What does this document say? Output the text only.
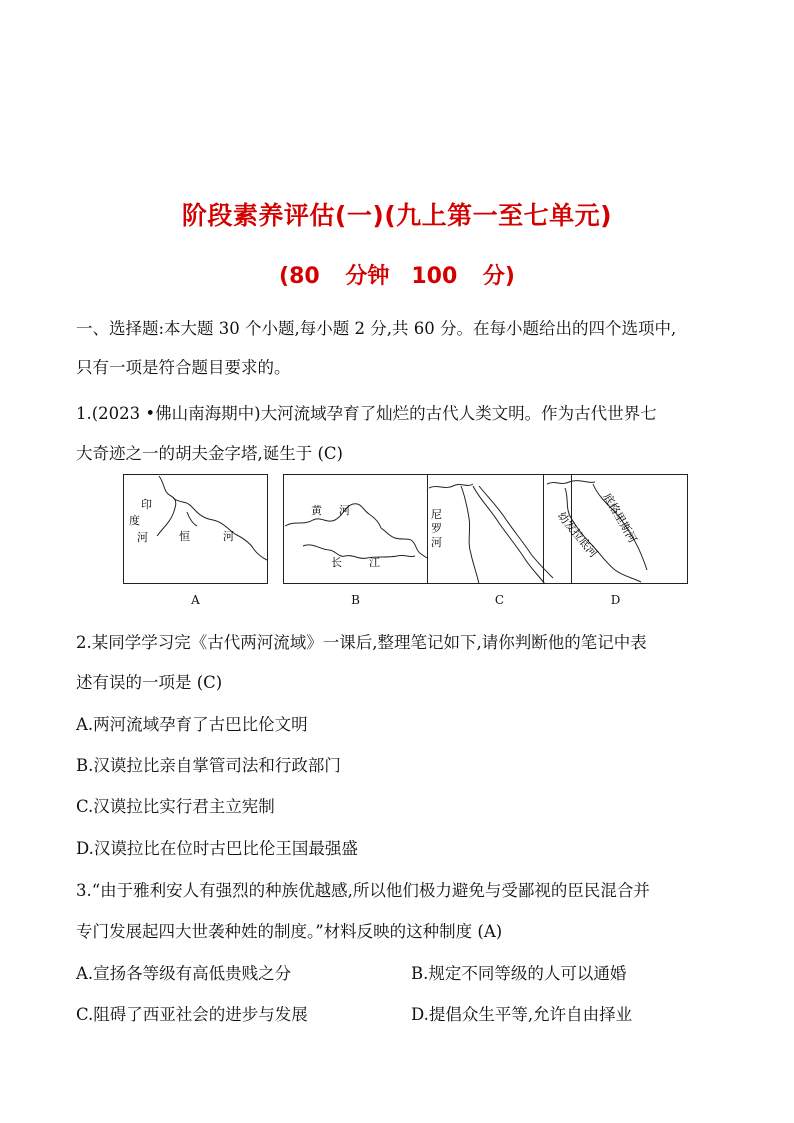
阶段素养评估(一)(九上第一至七单元)
(80 分钟　100 分)
一、选择题:本大题 30 个小题,每小题 2 分,共 60 分。在每小题给出的四个选项中,
只有一项是符合题目要求的。
1.(2023 •佛山南海期中)大河流域孕育了灿烂的古代人类文明。作为古代世界七
大奇迹之一的胡夫金字塔,诞生于 (C)
印
度
河	恒	河
A
黄 河
长 江
B
尼
罗
河
C
底格里斯河
幼发拉底河
D
2.某同学学习完《古代两河流域》一课后,整理笔记如下,请你判断他的笔记中表
述有误的一项是 (C)
A.两河流域孕育了古巴比伦文明
B.汉谟拉比亲自掌管司法和行政部门
C.汉谟拉比实行君主立宪制
D.汉谟拉比在位时古巴比伦王国最强盛
3.“由于雅利安人有强烈的种族优越感,所以他们极力避免与受鄙视的臣民混合并
专门发展起四大世袭种姓的制度。”材料反映的这种制度 (A)
A.宣扬各等级有高低贵贱之分	B.规定不同等级的人可以通婚
C.阻碍了西亚社会的进步与发展	D.提倡众生平等,允许自由择业
